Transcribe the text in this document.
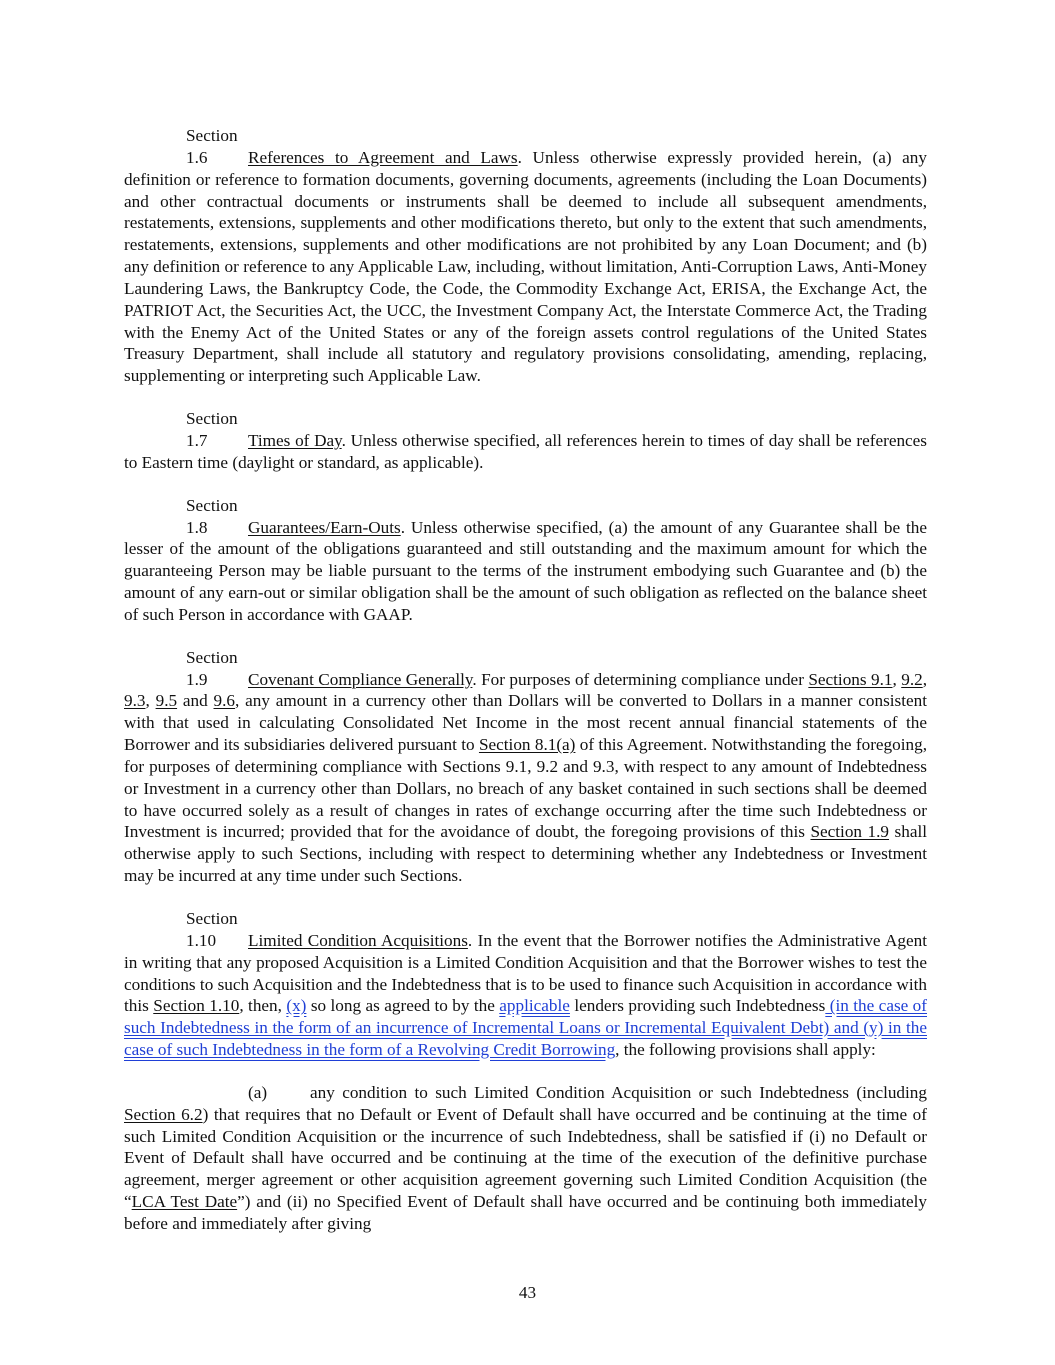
Section 1.6 References to Agreement and Laws. Unless otherwise expressly provided herein, (a) any definition or reference to formation documents, governing documents, agreements (including the Loan Documents) and other contractual documents or instruments shall be deemed to include all subsequent amendments, restatements, extensions, supplements and other modifications thereto, but only to the extent that such amendments, restatements, extensions, supplements and other modifications are not prohibited by any Loan Document; and (b) any definition or reference to any Applicable Law, including, without limitation, Anti-Corruption Laws, Anti-Money Laundering Laws, the Bankruptcy Code, the Code, the Commodity Exchange Act, ERISA, the Exchange Act, the PATRIOT Act, the Securities Act, the UCC, the Investment Company Act, the Interstate Commerce Act, the Trading with the Enemy Act of the United States or any of the foreign assets control regulations of the United States Treasury Department, shall include all statutory and regulatory provisions consolidating, amending, replacing, supplementing or interpreting such Applicable Law.

Section 1.7 Times of Day. Unless otherwise specified, all references herein to times of day shall be references to Eastern time (daylight or standard, as applicable).

Section 1.8 Guarantees/Earn-Outs. Unless otherwise specified, (a) the amount of any Guarantee shall be the lesser of the amount of the obligations guaranteed and still outstanding and the maximum amount for which the guaranteeing Person may be liable pursuant to the terms of the instrument embodying such Guarantee and (b) the amount of any earn-out or similar obligation shall be the amount of such obligation as reflected on the balance sheet of such Person in accordance with GAAP.

Section 1.9 Covenant Compliance Generally. For purposes of determining compliance under Sections 9.1, 9.2, 9.3, 9.5 and 9.6, any amount in a currency other than Dollars will be converted to Dollars in a manner consistent with that used in calculating Consolidated Net Income in the most recent annual financial statements of the Borrower and its subsidiaries delivered pursuant to Section 8.1(a) of this Agreement. Notwithstanding the foregoing, for purposes of determining compliance with Sections 9.1, 9.2 and 9.3, with respect to any amount of Indebtedness or Investment in a currency other than Dollars, no breach of any basket contained in such sections shall be deemed to have occurred solely as a result of changes in rates of exchange occurring after the time such Indebtedness or Investment is incurred; provided that for the avoidance of doubt, the foregoing provisions of this Section 1.9 shall otherwise apply to such Sections, including with respect to determining whether any Indebtedness or Investment may be incurred at any time under such Sections.

Section 1.10 Limited Condition Acquisitions. In the event that the Borrower notifies the Administrative Agent in writing that any proposed Acquisition is a Limited Condition Acquisition and that the Borrower wishes to test the conditions to such Acquisition and the Indebtedness that is to be used to finance such Acquisition in accordance with this Section 1.10, then, (x) so long as agreed to by the applicable lenders providing such Indebtedness (in the case of such Indebtedness in the form of an incurrence of Incremental Loans or Incremental Equivalent Debt) and (y) in the case of such Indebtedness in the form of a Revolving Credit Borrowing, the following provisions shall apply:

(a) any condition to such Limited Condition Acquisition or such Indebtedness (including Section 6.2) that requires that no Default or Event of Default shall have occurred and be continuing at the time of such Limited Condition Acquisition or the incurrence of such Indebtedness, shall be satisfied if (i) no Default or Event of Default shall have occurred and be continuing at the time of the execution of the definitive purchase agreement, merger agreement or other acquisition agreement governing such Limited Condition Acquisition (the “LCA Test Date”) and (ii) no Specified Event of Default shall have occurred and be continuing both immediately before and immediately after giving

43
